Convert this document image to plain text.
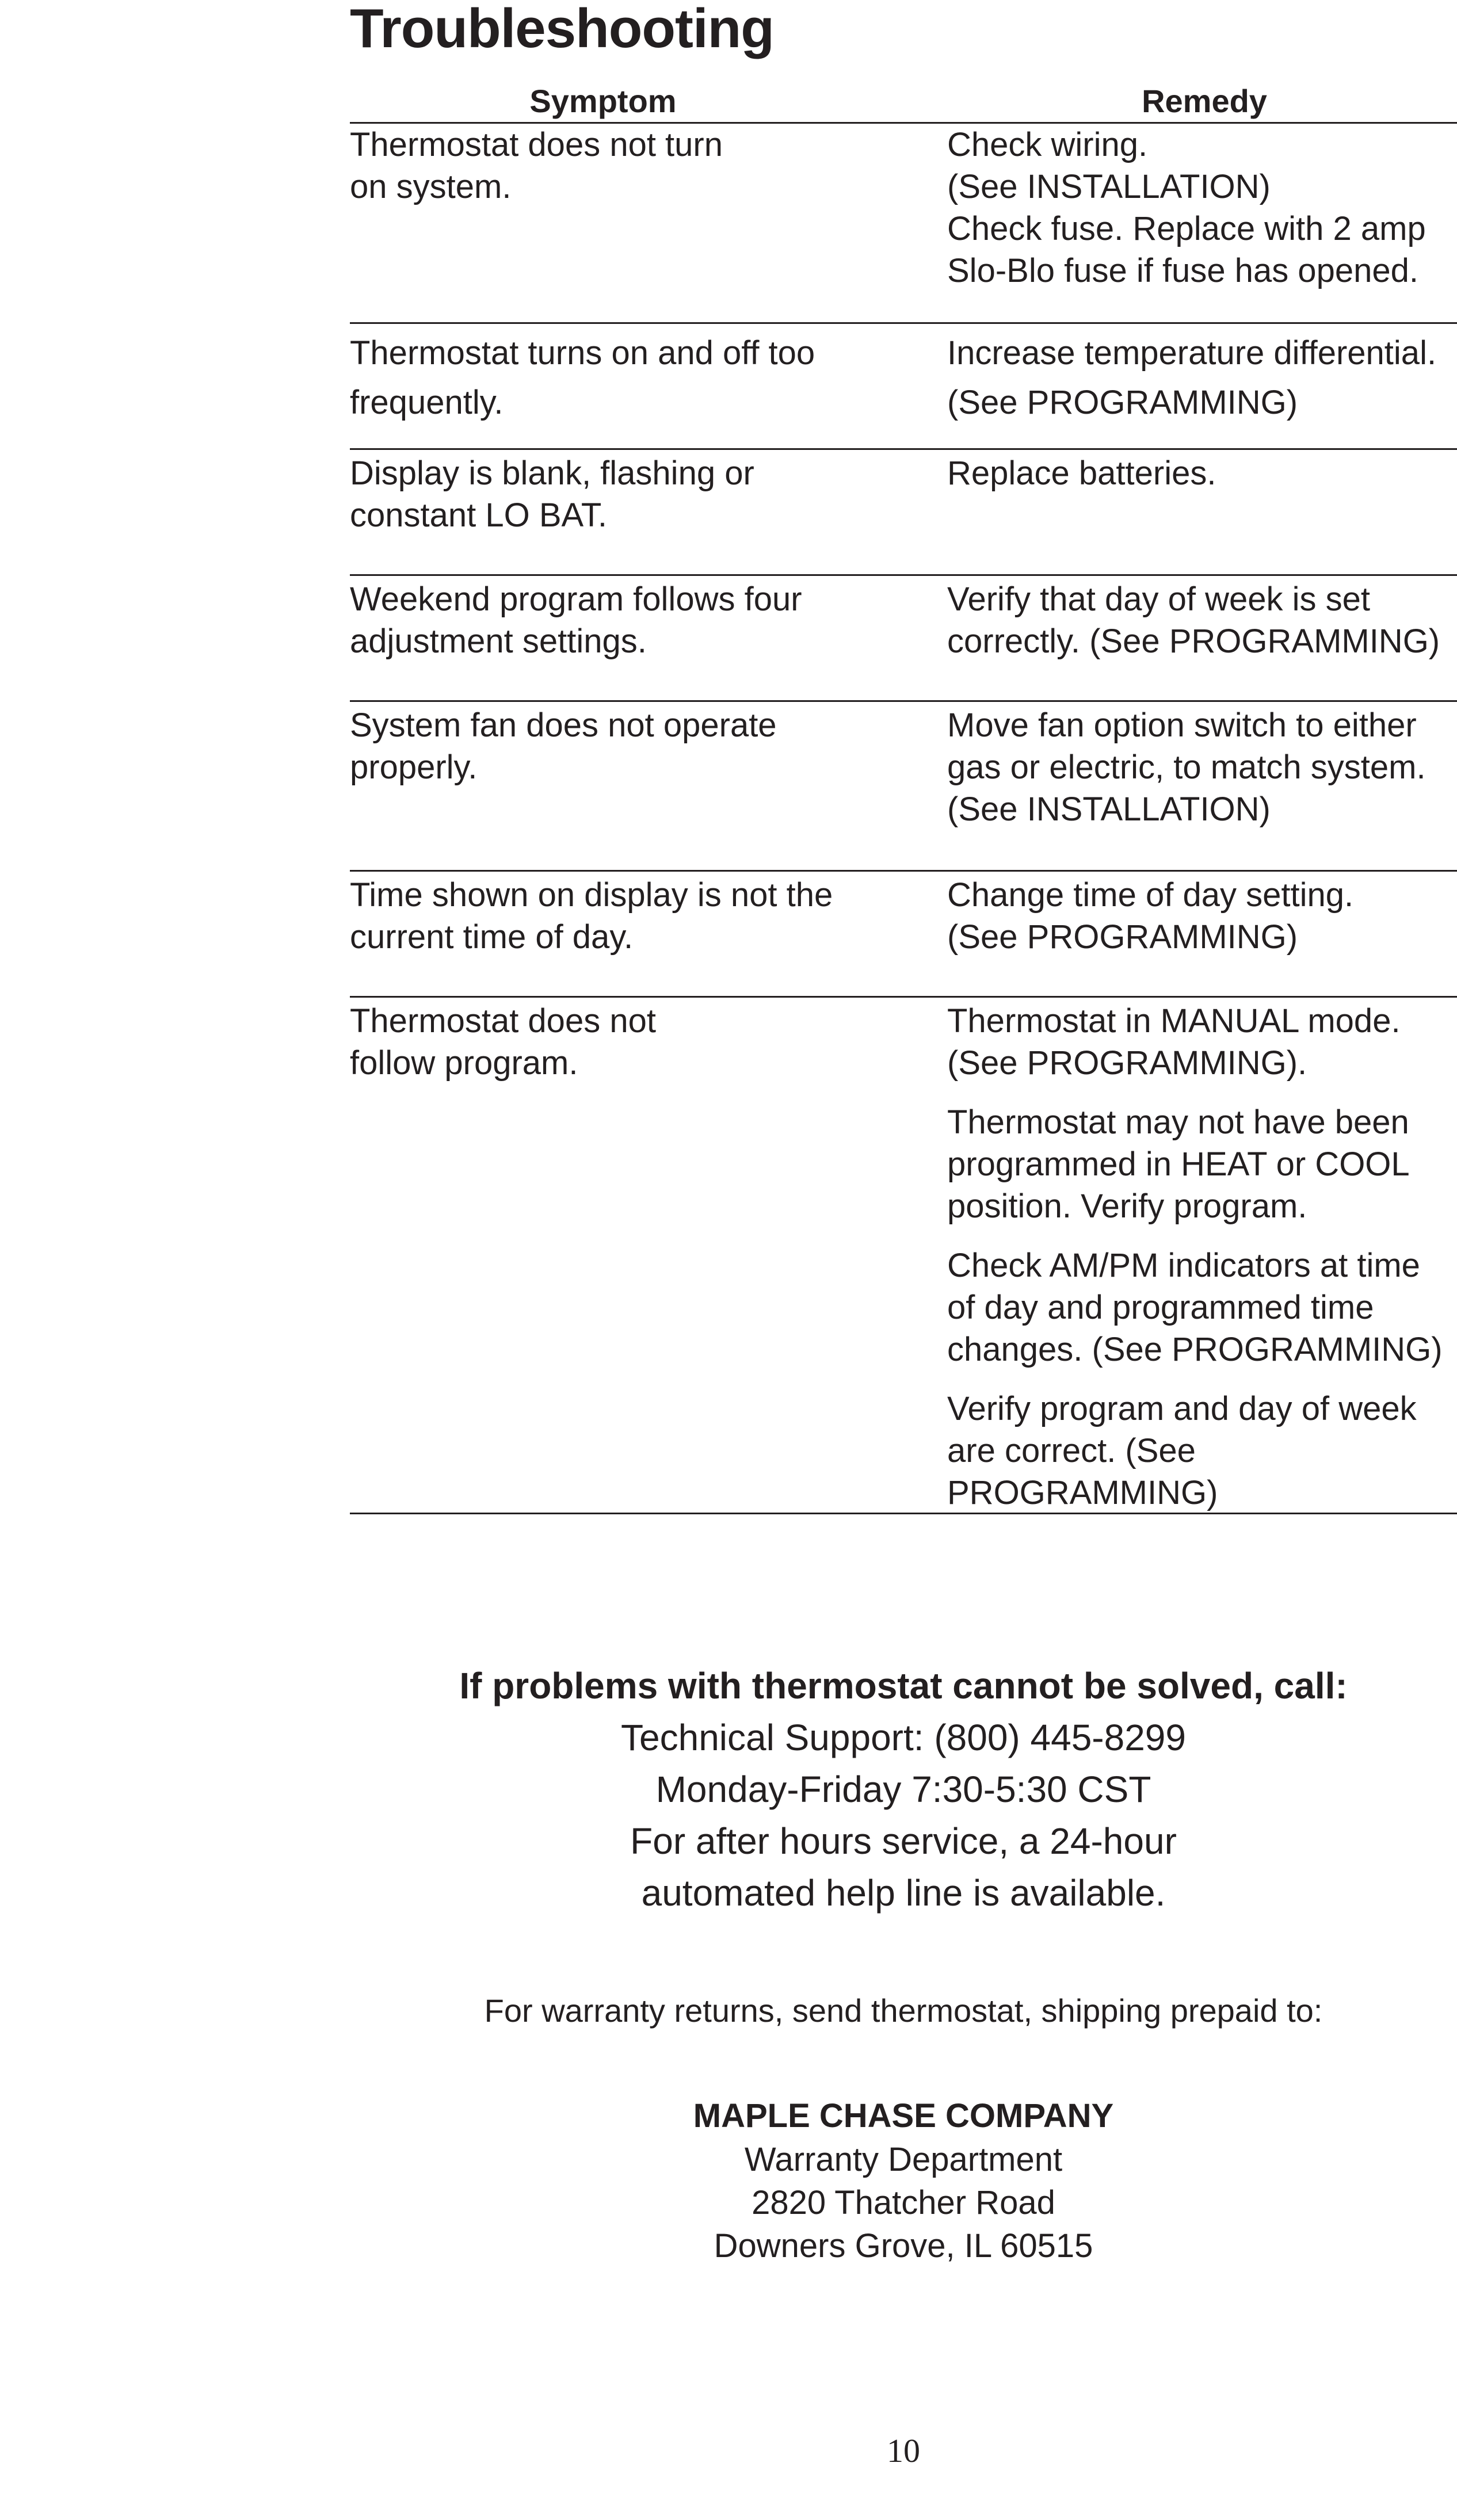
Troubleshooting
Symptom	Remedy
Thermostat does not turn
on system.
Check wiring.
(See INSTALLATION)
Check fuse. Replace with 2 amp
Slo-Blo fuse if fuse has opened.
Thermostat turns on and off too
frequently.
Increase temperature differential.
(See PROGRAMMING)
Display is blank, flashing or
constant LO BAT.
Replace batteries.
Weekend program follows four
adjustment settings.
Verify that day of week is set
correctly. (See PROGRAMMING)
System fan does not operate
properly.
Move fan option switch to either
gas or electric, to match system.
(See INSTALLATION)
Time shown on display is not the
current time of day.
Change time of day setting.
(See PROGRAMMING)
Thermostat does not
follow program.
Thermostat in MANUAL mode.
(See PROGRAMMING).
Thermostat may not have been
programmed in HEAT or COOL
position. Verify program.
Check AM/PM indicators at time
of day and programmed time
changes. (See PROGRAMMING)
Verify program and day of week
are correct. (See PROGRAMMING)
If problems with thermostat cannot be solved, call:
Technical Support: (800) 445-8299
Monday-Friday 7:30-5:30 CST
For after hours service, a 24-hour
automated help line is available.
For warranty returns, send thermostat, shipping prepaid to:
MAPLE CHASE COMPANY
Warranty Department
2820 Thatcher Road
Downers Grove, IL 60515
10
